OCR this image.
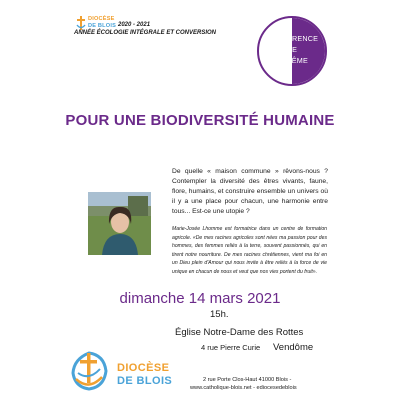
DIOCÈSE
DE BLOIS 2020 - 2021
ANNÉE ÉCOLOGIE INTÉGRALE ET CONVERSION
CONFÉRENCE
DE
CARÊME
POUR UNE BIODIVERSITÉ HUMAINE
De quelle « maison commune » rêvons-nous ? Contempler la diversité des êtres vivants, faune, flore, humains, et construire ensemble un univers où il y a une place pour chacun, une harmonie entre tous... Est-ce une utopie ?
Marie-Josée Lhomme est formatrice dans un centre de formation agricole. «De mes racines agricoles sont nées ma passion pour des hommes, des femmes reliés à la terre, souvent passionnés, qui en tirent notre nourriture. De mes racines chrétiennes, vient ma foi en un Dieu plein d'Amour qui nous invite à être reliés à la force de vie unique en chacun de nous et veut que nos vies portent du fruit».
dimanche 14 mars 2021
15h.
Église Notre-Dame des Rottes
4 rue Pierre Curie Vendôme
DIOCÈSE
DE BLOIS	2 rue Porte Clos-Haut 41000 Blois -
www.catholique-blois.net - ediocesedeblois
